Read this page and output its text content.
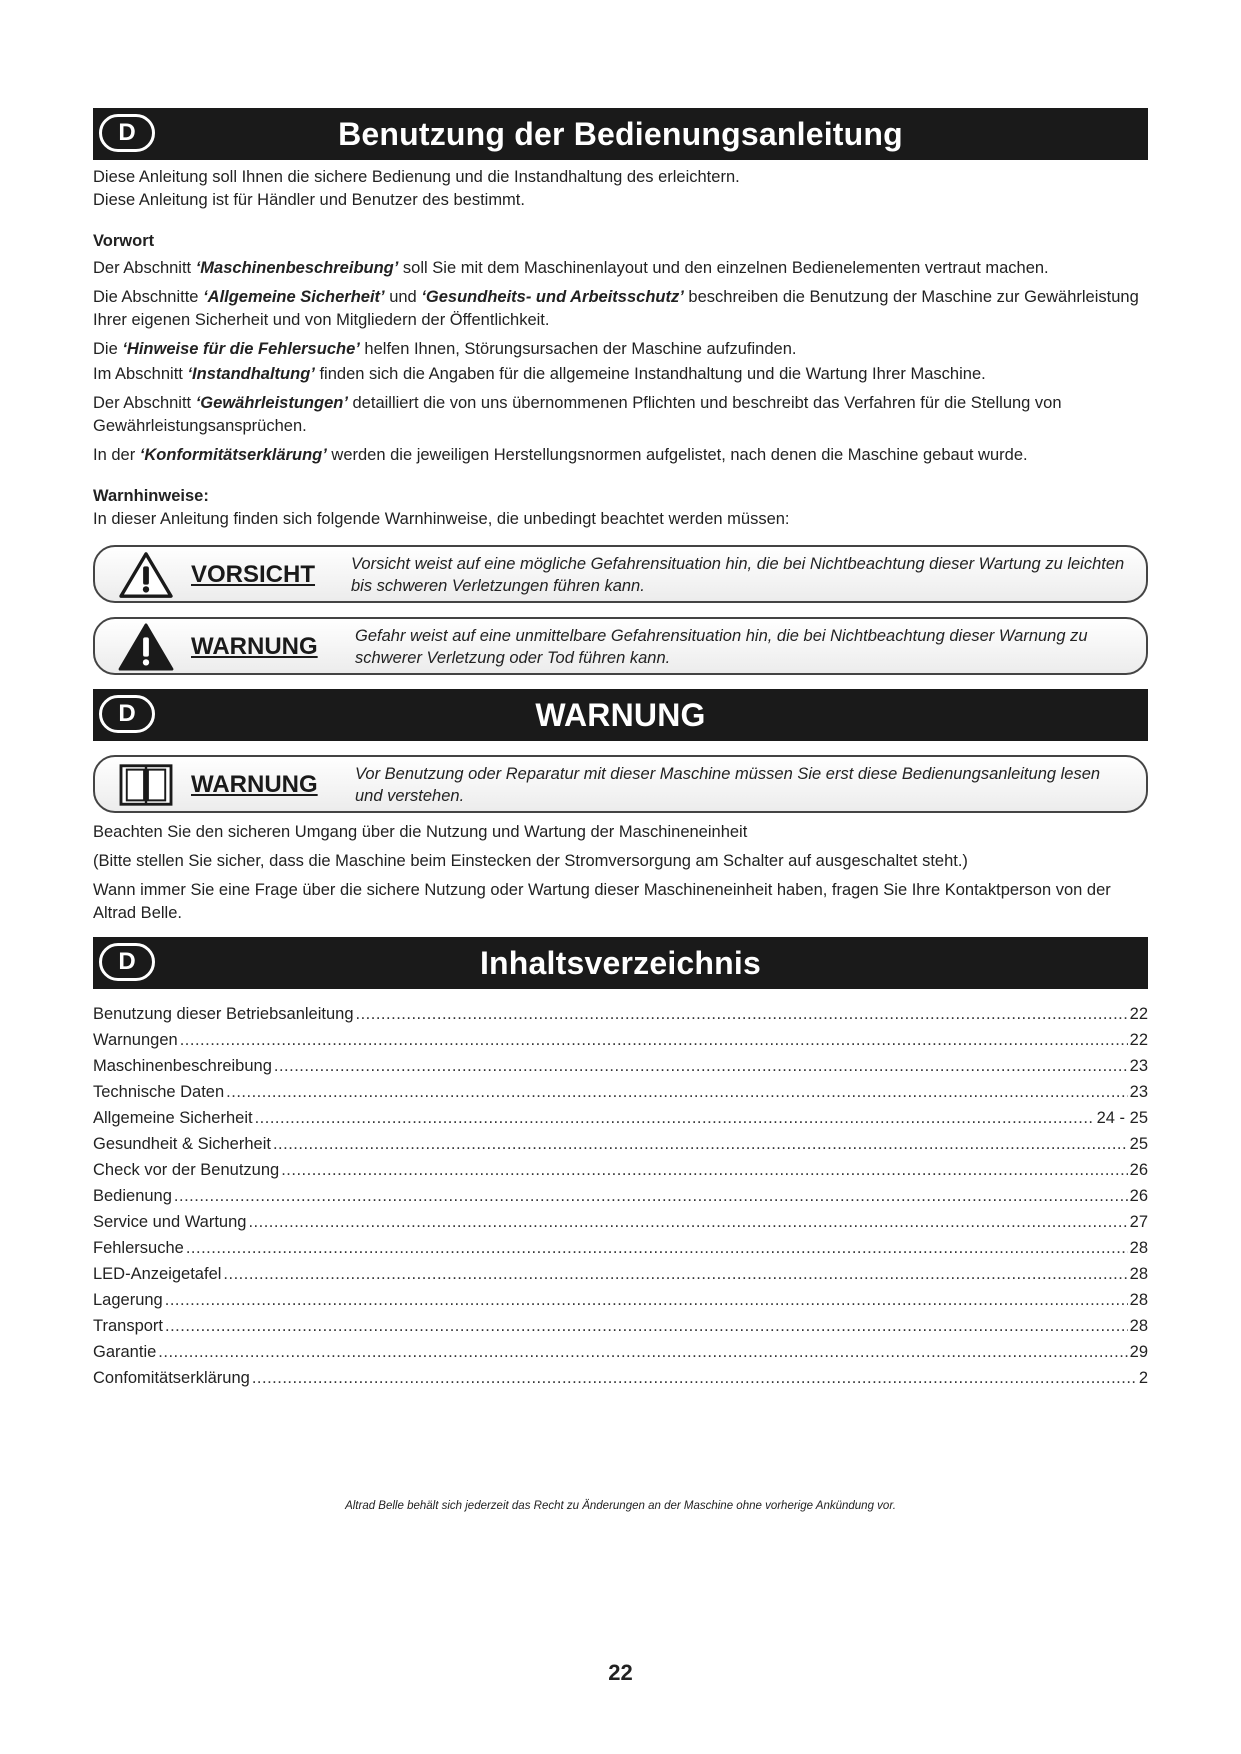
D	Benutzung der Bedienungsanleitung

Diese Anleitung soll Ihnen die sichere Bedienung und die Instandhaltung des erleichtern.

Diese Anleitung ist für Händler und Benutzer des bestimmt.

Vorwort

Der Abschnitt ‘Maschinenbeschreibung’ soll Sie mit dem Maschinenlayout und den einzelnen Bedienelementen vertraut machen.

Die Abschnitte ‘Allgemeine Sicherheit’ und ‘Gesundheits- und Arbeitsschutz’ beschreiben die Benutzung der Maschine zur Gewährleistung Ihrer eigenen Sicherheit und von Mitgliedern der Öffentlichkeit.

Die ‘Hinweise für die Fehlersuche’ helfen Ihnen, Störungsursachen der Maschine aufzufinden.

Im Abschnitt ‘Instandhaltung’ finden sich die Angaben für die allgemeine Instandhaltung und die Wartung Ihrer Maschine.

Der Abschnitt ‘Gewährleistungen’ detailliert die von uns übernommenen Pflichten und beschreibt das Verfahren für die Stellung von Gewährleistungsansprüchen.

In der ‘Konformitätserklärung’ werden die jeweiligen Herstellungsnormen aufgelistet, nach denen die Maschine gebaut wurde.

Warnhinweise:

In dieser Anleitung finden sich folgende Warnhinweise, die unbedingt beachtet werden müssen:

VORSICHT Vorsicht weist auf eine mögliche Gefahrensituation hin, die bei Nichtbeachtung dieser Wartung zu leichten bis schweren Verletzungen führen kann.
WARNUNG Gefahr weist auf eine unmittelbare Gefahrensituation hin, die bei Nichtbeachtung dieser Warnung zu schwerer Verletzung oder Tod führen kann.
D	WARNUNG
WARNUNG Vor Benutzung oder Reparatur mit dieser Maschine müssen Sie erst diese Bedienungsanleitung lesen und verstehen.

Beachten Sie den sicheren Umgang über die Nutzung und Wartung der Maschineneinheit

(Bitte stellen Sie sicher, dass die Maschine beim Einstecken der Stromversorgung am Schalter auf ausgeschaltet steht.)

Wann immer Sie eine Frage über die sichere Nutzung oder Wartung dieser Maschineneinheit haben, fragen Sie Ihre Kontaktperson von der Altrad Belle.

D	Inhaltsverzeichnis
Benutzung dieser Betriebsanleitung .....	22
Warnungen .....	22
Maschinenbeschreibung .....	23
Technische Daten .....	23
Allgemeine Sicherheit .....	24 - 25
Gesundheit & Sicherheit .....	25
Check vor der Benutzung .....	26
Bedienung .....	26
Service und Wartung .....	27
Fehlersuche .....	28
LED-Anzeigetafel .....	28
Lagerung .....	28
Transport .....	28
Garantie .....	29
Confomitätserklärung .....	2
Altrad Belle behält sich jederzeit das Recht zu Änderungen an der Maschine ohne vorherige Ankündung vor.
22
